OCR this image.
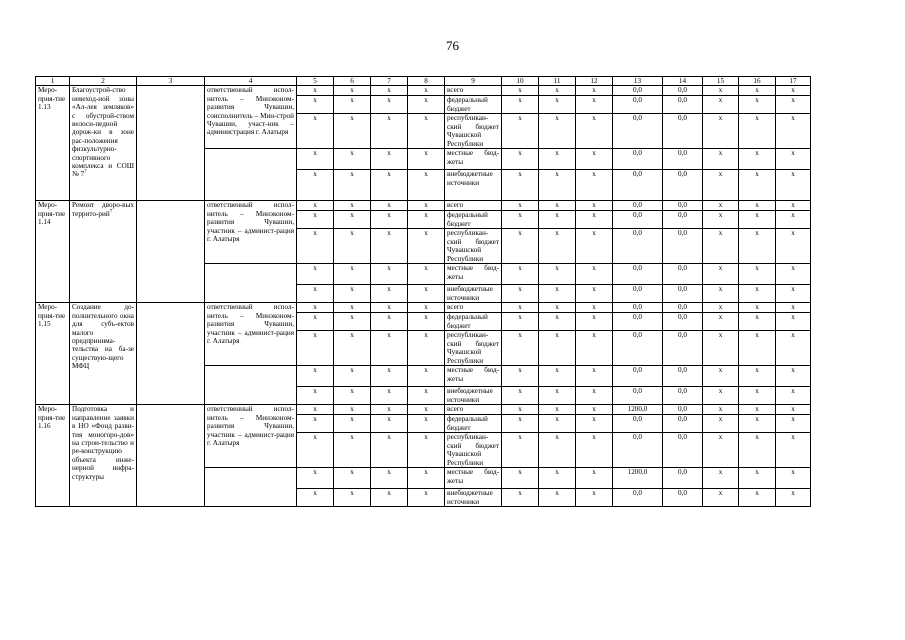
76
1	2	3	4	5	6	7	8	9	10	11	12	13	14	15	16	17
Меро-прия-тие 1.13	Благоустрой-ство невеход-ной зоны «Ал-лея земляков» с обустрой-ством велоси-педной дорож-ки в зоне рас-положения физкультурно-спортивного комплекса и СОШ № $7^7$		ответственный испол-нитель – Минэконом-развития Чувашии, соисполнитель – Мин-строй Чувашии, участ-ник – администрация г. Алатыря	x	x	x	x	всего	x	x	x	0,0	0,0	x	x	x
				x	x	x	x	федеральный бюджет	x	x	x	0,0	0,0	x	x	x
				x	x	x	x	республикан-ский бюджет Чувашской Республики	x	x	x	0,0	0,0	x	x	x
				x	x	x	x	местные бюд-жеты	x	x	x	0,0	0,0	x	x	x
				x	x	x	x	внебюджетные источники	x	x	x	0,0	0,0	x	x	x
Меро-прия-тие 1.14	Ремонт дворо-вых террито-рий$^7$		ответственный испол-нитель – Минэконом-развития Чувашии, участник – админист-рация г. Алатыря	x	x	x	x	всего	x	x	x	0,0	0,0	x	x	x
				x	x	x	x	федеральный бюджет	x	x	x	0,0	0,0	x	x	x
				x	x	x	x	республикан-ский бюджет Чувашской Республики	x	x	x	0,0	0,0	x	x	x
				x	x	x	x	местные бюд-жеты	x	x	x	0,0	0,0	x	x	x
				x	x	x	x	внебюджетные источники	x	x	x	0,0	0,0	x	x	x
Меро-прия-тие 1.15	Создание до-полнительного окна для субъ-ектов малого предпринима-тельства на ба-зе существую-щего МФЦ		ответственный испол-нитель – Минэконом-развития Чувашии, участник – админист-рация г. Алатыря	x	x	x	x	всего	x	x	x	0,0	0,0	x	x	x
				x	x	x	x	федеральный бюджет	x	x	x	0,0	0,0	x	x	x
				x	x	x	x	республикан-ский бюджет Чувашской Республики	x	x	x	0,0	0,0	x	x	x
				x	x	x	x	местные бюд-жеты	x	x	x	0,0	0,0	x	x	x
				x	x	x	x	внебюджетные источники	x	x	x	0,0	0,0	x	x	x
Меро-прия-тие 1.16	Подготовка и направление заявки в НО «Фонд разви-тия моногоро-дов» на строи-тельство и ре-конструкцию объекта инже-нерной инфра-структуры		ответственный испол-нитель – Минэконом-развития Чувашии, участник – админист-рация г. Алатыря	x	x	x	x	всего	x	x	x	1200,0	0,0	x	x	x
				x	x	x	x	федеральный бюджет	x	x	x	0,0	0,0	x	x	x
				x	x	x	x	республикан-ский бюджет Чувашской Республики	x	x	x	0,0	0,0	x	x	x
				x	x	x	x	местные бюд-жеты	x	x	x	1200,0	0,0	x	x	x
				x	x	x	x	внебюджетные источники	x	x	x	0,0	0,0	x	x	x
